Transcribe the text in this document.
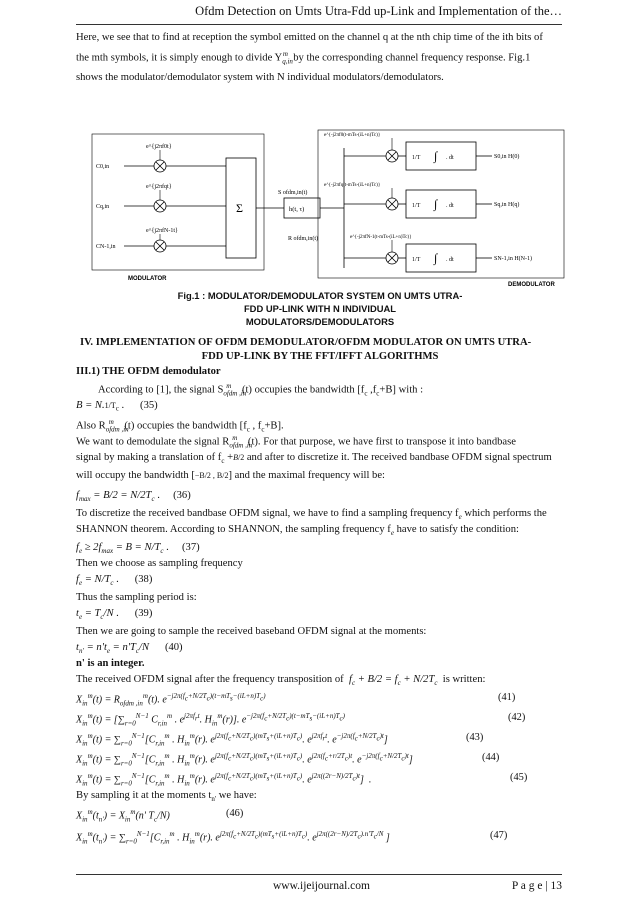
Ofdm Detection on Umts Utra-Fdd up-Link and Implementation of the…
Here, we see that to find at reception the symbol emitted on the channel q at the nth chip time of the ith bits of
the mth symbols, it is simply enough to divide $Y_{q,in}^m$ by the corresponding channel frequency response. Fig.1
shows the modulator/demodulator system with N individual modulators/demodulators.
C0,in
Cq,in
CN-1,in
e^{j2πf0t}
e^{j2πfqt}
e^{j2πfN-1t}
Σ
MODULATOR
S ofdm,in(t)
h(t, τ)
R ofdm,in(t)
e^{-j2πf0(t-mTs-(iL+n)Tc)}
e^{-j2πfq(t-mTs-(iL+n)Tc)}
e^{-j2πfN-1(t-mTs-(iL+n)Tc)}
1/T ∫ . dt
1/T ∫ . dt
1/T ∫ . dt
S0,in H(0)
Sq,in H(q)
SN-1,in H(N-1)
DEMODULATOR
Fig.1 : MODULATOR/DEMODULATOR SYSTEM ON UMTS UTRA-
FDD UP-LINK WITH N INDIVIDUAL
MODULATORS/DEMODULATORS
IV. IMPLEMENTATION OF OFDM DEMODULATOR/OFDM MODULATOR ON UMTS UTRA-
FDD UP-LINK BY THE FFT/IFFT ALGORITHMS
III.1) THE OFDM demodulator
According to [1], the signal $S_{ofdm ,in}^m$ (t) occupies the bandwidth [$f_c$ $,f_c+B$] with :
$B = N.1/T_c$ .      (35)
Also $R_{ofdm ,in}^m$ (t) occupies the bandwidth [$f_c$ , $f_c+B$].
We want to demodulate the signal $R_{ofdm ,in}^m$ (t). For that purpose, we have first to transpose it into bandbase
signal by making a translation of $f_c +B/2$ and after to discretize it. The received bandbase OFDM signal spectrum
will occupy the bandwidth [−B/2 , B/2] and the maximal frequency will be:
$f_{max} = B/2 = N/2T_c$ .     (36)
To discretize the received bandbase OFDM signal, we have to find a sampling frequency $f_e$ which performs the
SHANNON theorem. According to SHANNON, the sampling frequency $f_e$ have to satisfy the condition:
$f_e \ge 2f_{max} = B = N/T_c$ .     (37)
Then we choose as sampling frequency
$f_e = N/T_c$ .      (38)
Thus the sampling period is:
$t_e = T_c/N$ .      (39)
Then we are going to sample the received baseband OFDM signal at the moments:
$t_{n'} = n't_e = n'T_c/N$ (40)
n' is an integer.
The received OFDM signal after the frequency transposition of $f_c + B/2 = f_c + N/2T_c$ is written:
$X_{in}^m(t) = R_{ofdm ,in}^m(t)$. $e^{-j2\pi(f_c+N/2T_c)(t-mT_s-(iL+n)T_c)}$	(41)
$X_{in}^m(t) = [\sum_{r=0}^{N-1}$ $C_{r,in}^m$ . $e^{j2\pi f_rt}$. $H_{in}^m(r)$]. $e^{-j2\pi(f_c+N/2T_c)(t-mT_s-(iL+n)T_c)}$	(42)
$X_{in}^m(t) = \sum_{r=0}^{N-1}[C_{r,in}^m$ . $H_{in}^m(r)$. $e^{j2\pi(f_c+N/2T_c)(mT_s+(iL+n)T_c)}$. $e^{j2\pi f_rt}$. $e^{-j2\pi(f_c+N/2T_c)t}$]	(43)
$X_{in}^m(t) = \sum_{r=0}^{N-1}[C_{r,in}^m$ . $H_{in}^m(r)$. $e^{j2\pi(f_c+N/2T_c)(mT_s+(iL+n)T_c)}$. $e^{j2\pi(f_c+r/2T_c)t}$. $e^{-j2\pi(f_c+N/2T_c)t}$]	(44)
$X_{in}^m(t) = \sum_{r=0}^{N-1}[C_{r,in}^m$ . $H_{in}^m(r)$. $e^{j2\pi(f_c+N/2T_c)(mT_s+(iL+n)T_c)}$. $e^{j2\pi((2r-N)/2T_c)t}$]  .	(45)
By sampling it at the moments $t_{n'}$ we have:
$X_{in}^m(t_{n'}) = X_{in}^m(n'$ $T_c/N$)	(46)
$X_{in}^m(t_{n'}) = \sum_{r=0}^{N-1}[C_{r,in}^m$ . $H_{in}^m(r)$. $e^{j2\pi(f_c+N/2T_c)(mT_s+(iL+n)T_c)}$. $e^{j2\pi((2r-N)/2T_c).n'T_c/N}$ ]	(47)
www.ijeijournal.com	P a g e | 13
